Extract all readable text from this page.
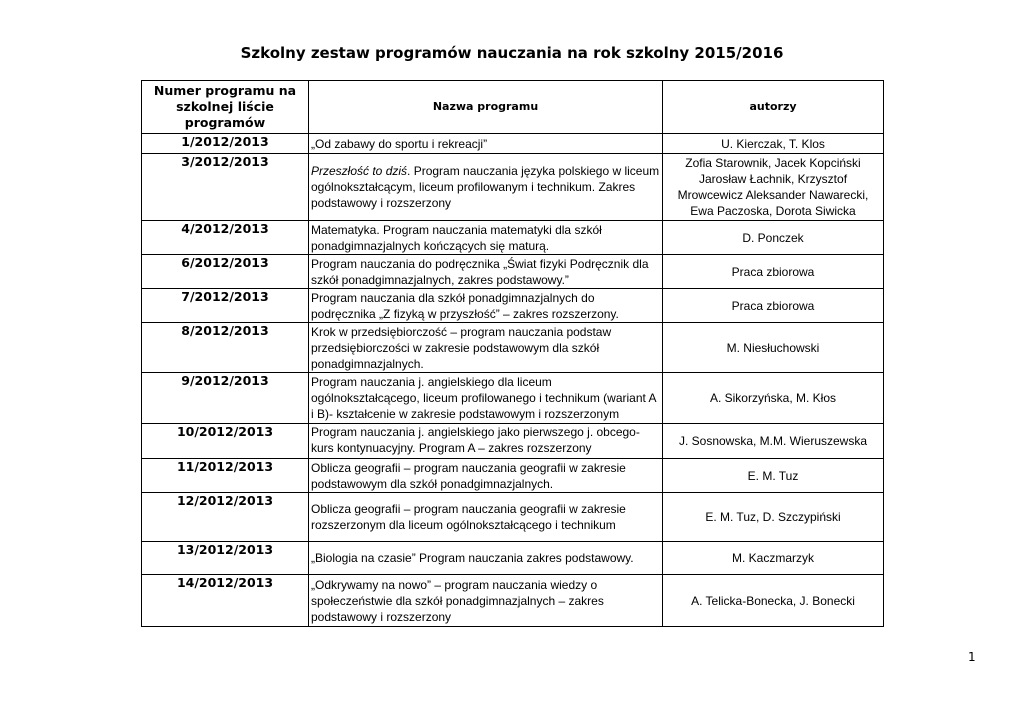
Szkolny zestaw programów nauczania na rok szkolny 2015/2016
Numer programu na
szkolnej liście programów	Nazwa programu	autorzy
1/2012/2013	„Od zabawy do sportu i rekreacji”	U. Kierczak, T. Klos
3/2012/2013	Przeszłość to dziś. Program nauczania języka polskiego w liceum ogólnokształcącym, liceum profilowanym i technikum. Zakres podstawowy i rozszerzony	Zofia Starownik, Jacek Kopciński Jarosław Łachnik, Krzysztof Mrowcewicz Aleksander Nawarecki, Ewa Paczoska, Dorota Siwicka
4/2012/2013	Matematyka. Program nauczania matematyki dla szkół ponadgimnazjalnych kończących się maturą.	D. Ponczek
6/2012/2013	Program nauczania do podręcznika „Świat fizyki Podręcznik dla szkół ponadgimnazjalnych, zakres podstawowy.”	Praca zbiorowa
7/2012/2013	Program nauczania dla szkół ponadgimnazjalnych do podręcznika „Z fizyką w przyszłość” – zakres rozszerzony.	Praca zbiorowa
8/2012/2013	Krok w przedsiębiorczość – program nauczania podstaw przedsiębiorczości w zakresie podstawowym dla szkół ponadgimnazjalnych.	M. Niesłuchowski
9/2012/2013	Program nauczania j. angielskiego dla liceum ogólnokształcącego, liceum profilowanego i technikum (wariant A i B)- kształcenie w zakresie podstawowym i rozszerzonym	A. Sikorzyńska, M. Kłos
10/2012/2013	Program nauczania j. angielskiego jako pierwszego j. obcego- kurs kontynuacyjny. Program A – zakres rozszerzony	J. Sosnowska, M.M. Wieruszewska
11/2012/2013	Oblicza geografii – program nauczania geografii w zakresie podstawowym dla szkół ponadgimnazjalnych.	E. M. Tuz
12/2012/2013	Oblicza geografii – program nauczania geografii w zakresie rozszerzonym dla liceum ogólnokształcącego i technikum	E. M. Tuz, D. Szczypiński
13/2012/2013	„Biologia na czasie” Program nauczania zakres podstawowy.	M. Kaczmarzyk
14/2012/2013	„Odkrywamy na nowo” – program nauczania wiedzy o społeczeństwie dla szkół ponadgimnazjalnych – zakres podstawowy i rozszerzony	A. Telicka-Bonecka, J. Bonecki
1
